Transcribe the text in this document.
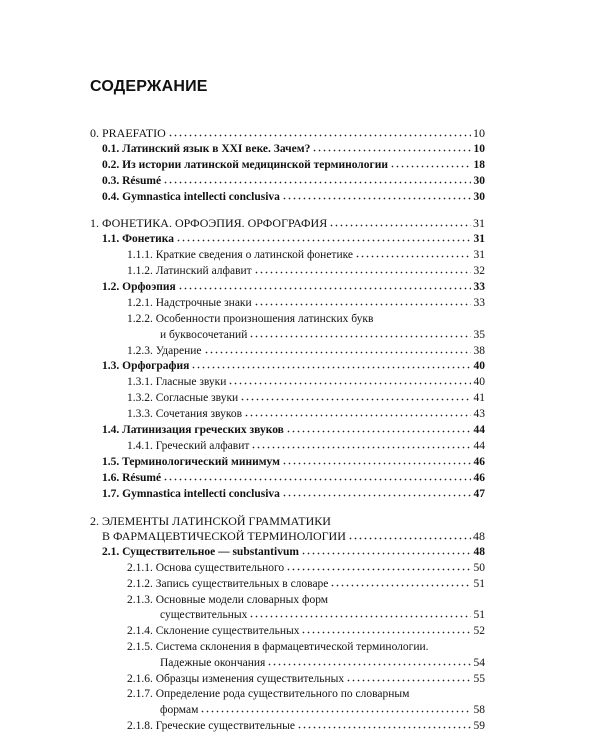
СОДЕРЖАНИЕ
0. PRAEFATIO	10
0.1. Латинский язык в XXI веке. Зачем?	10
0.2. Из истории латинской медицинской терминологии	18
0.3. Résumé	30
0.4. Gymnastica intellecti conclusiva	30
1. ФОНЕТИКА. ОРФОЭПИЯ. ОРФОГРАФИЯ	31
1.1. Фонетика	31
1.1.1. Краткие сведения о латинской фонетике	31
1.1.2. Латинский алфавит	32
1.2. Орфоэпия	33
1.2.1. Надстрочные знаки	33
1.2.2. Особенности произношения латинских букв
и буквосочетаний	35
1.2.3. Ударение	38
1.3. Орфография	40
1.3.1. Гласные звуки	40
1.3.2. Согласные звуки	41
1.3.3. Сочетания звуков	43
1.4. Латинизация греческих звуков	44
1.4.1. Греческий алфавит	44
1.5. Терминологический минимум	46
1.6. Résumé	46
1.7. Gymnastica intellecti conclusiva	47
2. ЭЛЕМЕНТЫ ЛАТИНСКОЙ ГРАММАТИКИ
В ФАРМАЦЕВТИЧЕСКОЙ ТЕРМИНОЛОГИИ	48
2.1. Существительное — substantivum	48
2.1.1. Основа существительного	50
2.1.2. Запись существительных в словаре	51
2.1.3. Основные модели словарных форм
существительных	51
2.1.4. Склонение существительных	52
2.1.5. Система склонения в фармацевтической терминологии.
Падежные окончания	54
2.1.6. Образцы изменения существительных	55
2.1.7. Определение рода существительного по словарным
формам	58
2.1.8. Греческие существительные	59
